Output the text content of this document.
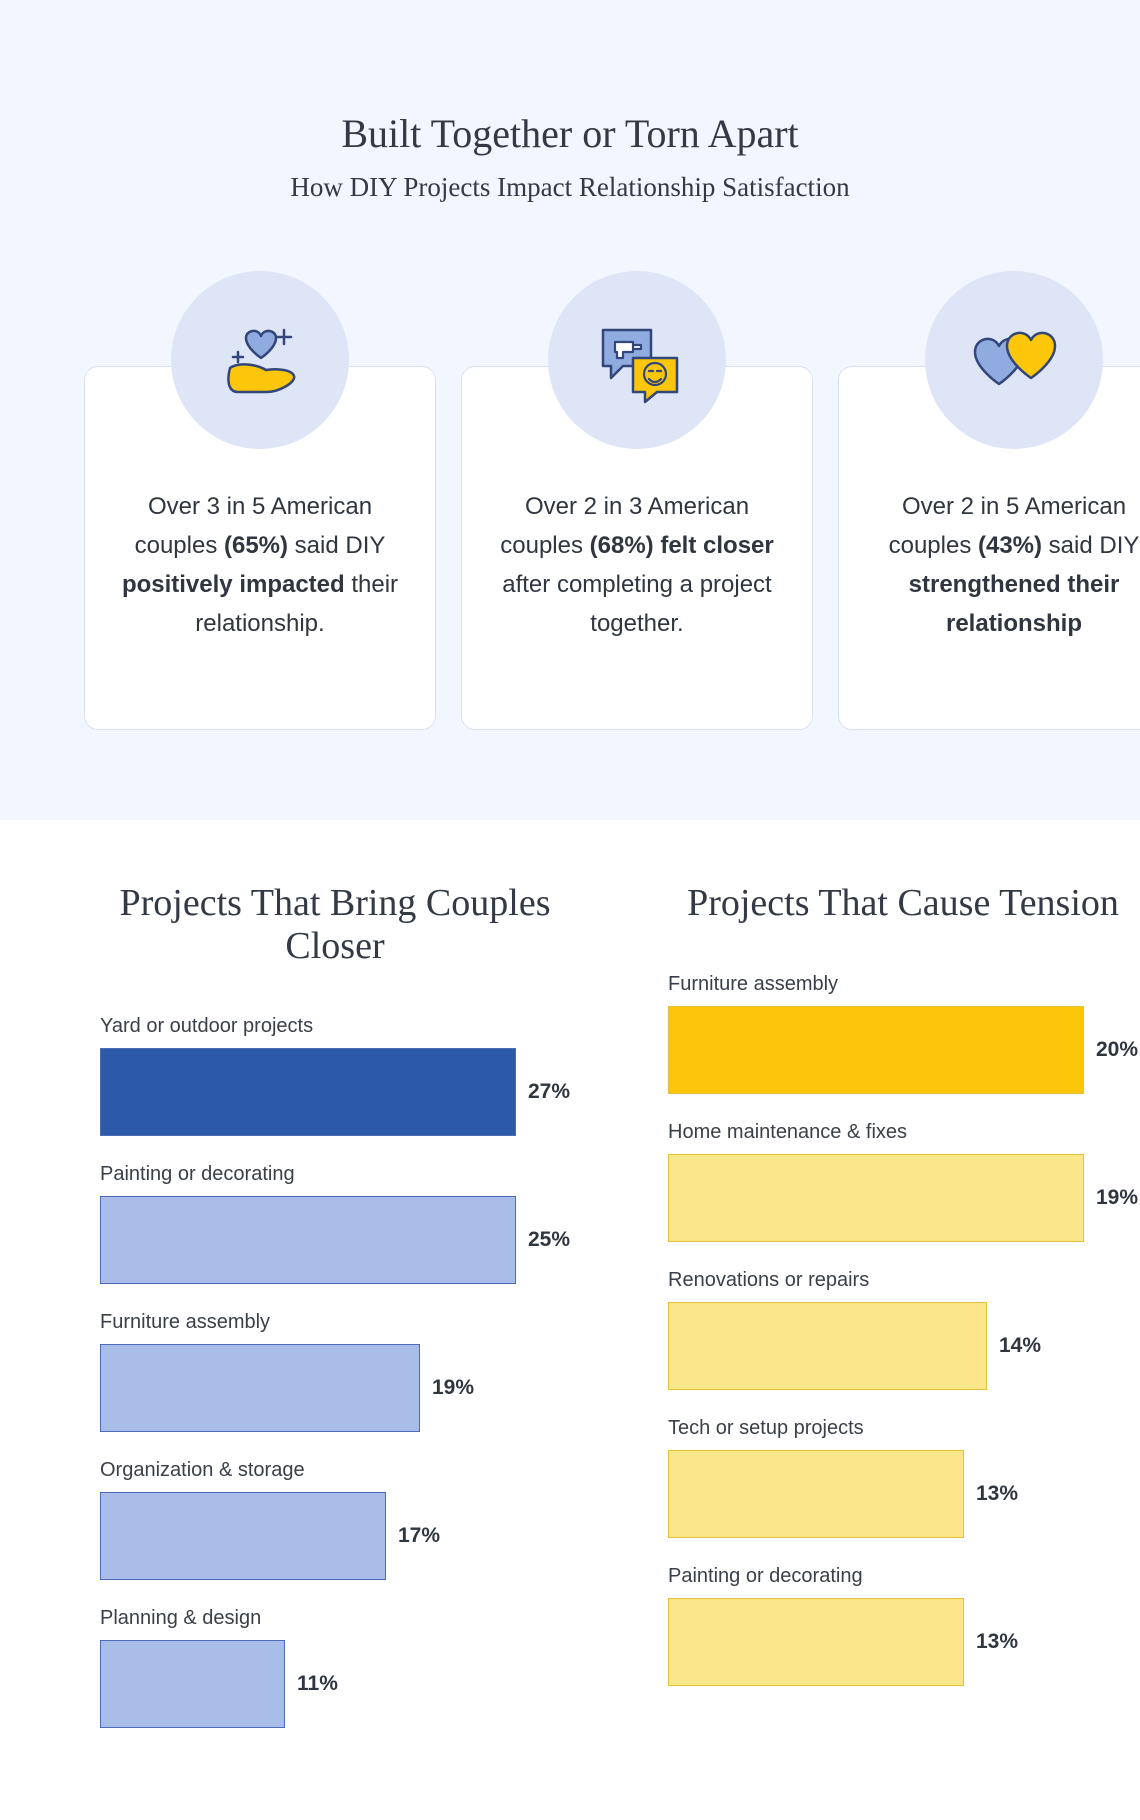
Built Together or Torn Apart
How DIY Projects Impact Relationship Satisfaction
Over 3 in 5 American couples (65%) said DIY positively impacted their relationship.
Over 2 in 3 American couples (68%) felt closer after completing a project together.
Over 2 in 5 American couples (43%) said DIY strengthened their relationship
Projects That Bring Couples Closer
Yard or outdoor projects
27%
Painting or decorating
25%
Furniture assembly
19%
Organization & storage
17%
Planning & design
11%
Projects That Cause Tension
Furniture assembly
20%
Home maintenance & fixes
19%
Renovations or repairs
14%
Tech or setup projects
13%
Painting or decorating
13%
